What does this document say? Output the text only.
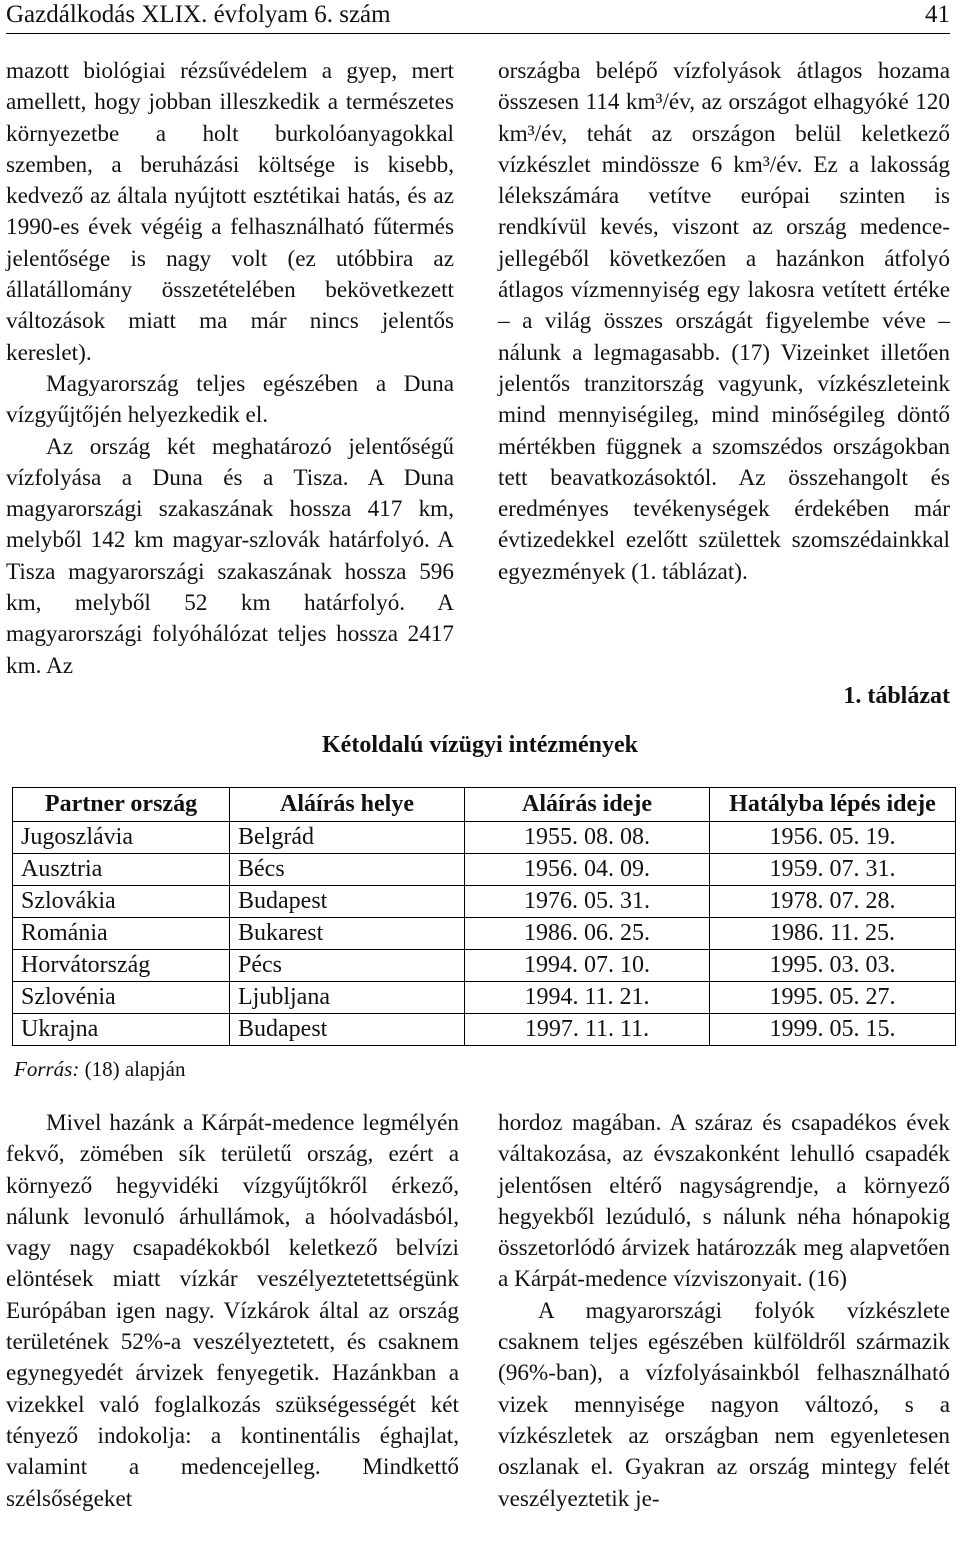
Gazdálkodás XLIX. évfolyam 6. szám	41

mazott biológiai rézsűvédelem a gyep, mert amellett, hogy jobban illeszkedik a természetes környezetbe a holt burkolóanyagokkal szemben, a beruházási költsége is kisebb, kedvező az általa nyújtott esztétikai hatás, és az 1990-es évek végéig a felhasználható fűtermés jelentősége is nagy volt (ez utóbbira az állatállomány összetételében bekövetkezett változások miatt ma már nincs jelentős kereslet).

Magyarország teljes egészében a Duna vízgyűjtőjén helyezkedik el.

Az ország két meghatározó jelentőségű vízfolyása a Duna és a Tisza. A Duna magyarországi szakaszának hossza 417 km, melyből 142 km magyar-szlovák határfolyó. A Tisza magyarországi szakaszának hossza 596 km, melyből 52 km határfolyó. A magyarországi folyóhálózat teljes hossza 2417 km. Az

országba belépő vízfolyások átlagos hozama összesen 114 km³/év, az országot elhagyóké 120 km³/év, tehát az országon belül keletkező vízkészlet mindössze 6 km³/év. Ez a lakosság lélekszámára vetítve európai szinten is rendkívül kevés, viszont az ország medence-jellegéből következően a hazánkon átfolyó átlagos vízmennyiség egy lakosra vetített értéke – a világ összes országát figyelembe véve – nálunk a legmagasabb. (17) Vizeinket illetően jelentős tranzitország vagyunk, vízkészleteink mind mennyiségileg, mind minőségileg döntő mértékben függnek a szomszédos országokban tett beavatkozásoktól. Az összehangolt és eredményes tevékenységek érdekében már évtizedekkel ezelőtt születtek szomszédainkkal egyezmények (1. táblázat).

1. táblázat
Kétoldalú vízügyi intézmények
Partner ország	Aláírás helye	Aláírás ideje	Hatályba lépés ideje
Jugoszlávia	Belgrád	1955. 08. 08.	1956. 05. 19.
Ausztria	Bécs	1956. 04. 09.	1959. 07. 31.
Szlovákia	Budapest	1976. 05. 31.	1978. 07. 28.
Románia	Bukarest	1986. 06. 25.	1986. 11. 25.
Horvátország	Pécs	1994. 07. 10.	1995. 03. 03.
Szlovénia	Ljubljana	1994. 11. 21.	1995. 05. 27.
Ukrajna	Budapest	1997. 11. 11.	1999. 05. 15.
Forrás: (18) alapján

Mivel hazánk a Kárpát-medence legmélyén fekvő, zömében sík területű ország, ezért a környező hegyvidéki vízgyűjtőkről érkező, nálunk levonuló árhullámok, a hóolvadásból, vagy nagy csapadékokból keletkező belvízi elöntések miatt vízkár veszélyeztetettségünk Európában igen nagy. Vízkárok által az ország területének 52%-a veszélyeztetett, és csaknem egynegyedét árvizek fenyegetik. Hazánkban a vizekkel való foglalkozás szükségességét két tényező indokolja: a kontinentális éghajlat, valamint a medencejelleg. Mindkettő szélsőségeket

hordoz magában. A száraz és csapadékos évek váltakozása, az évszakonként lehulló csapadék jelentősen eltérő nagyságrendje, a környező hegyekből lezúduló, s nálunk néha hónapokig összetorlódó árvizek határozzák meg alapvetően a Kárpát-medence vízviszonyait. (16)

A magyarországi folyók vízkészlete csaknem teljes egészében külföldről származik (96%-ban), a vízfolyásainkból felhasználható vizek mennyisége nagyon változó, s a vízkészletek az országban nem egyenletesen oszlanak el. Gyakran az ország mintegy felét veszélyeztetik je-
